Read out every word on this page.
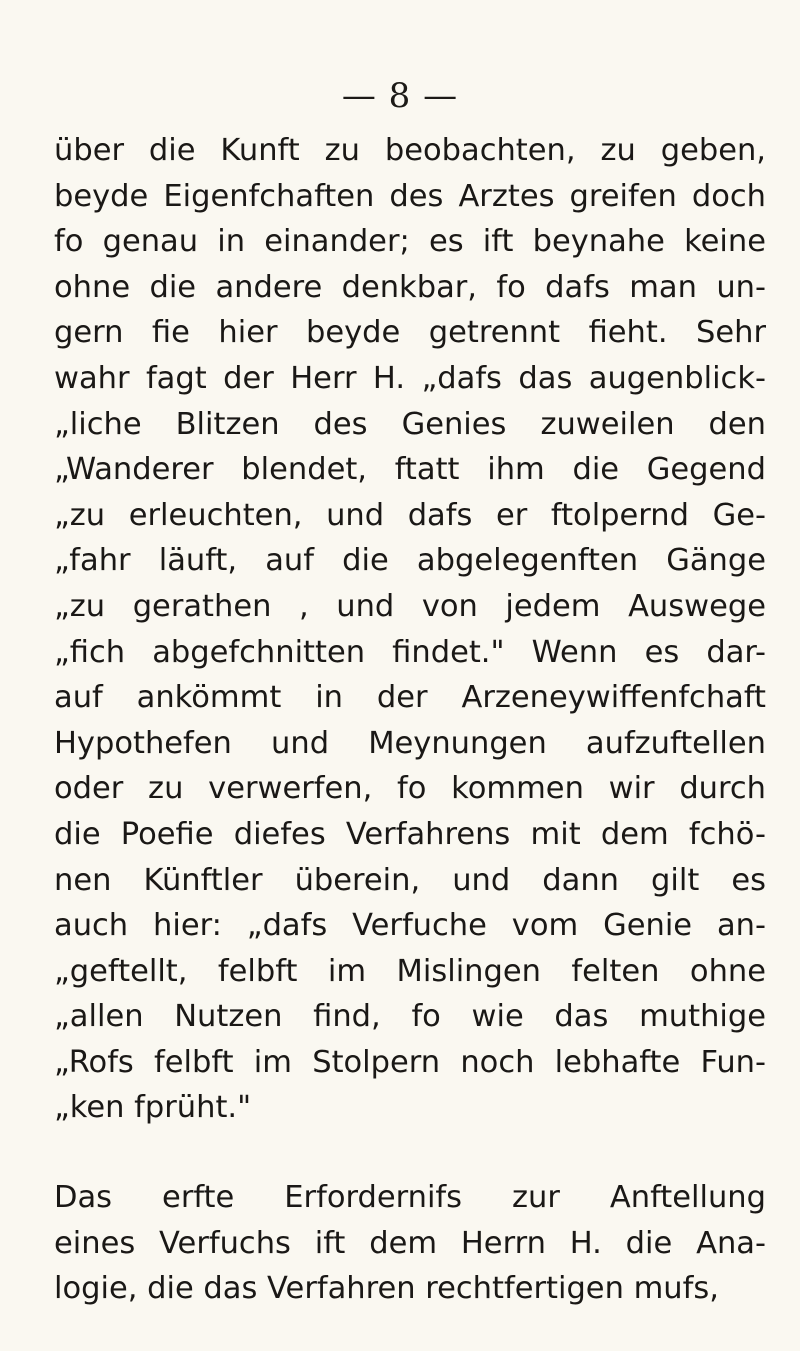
— 8 —
über die Kunft zu beobachten, zu geben,
beyde Eigenfchaften des Arztes greifen doch
fo genau in einander; es ift beynahe keine
ohne die andere denkbar, fo dafs man un-
gern fie hier beyde getrennt fieht. Sehr
wahr fagt der Herr H. „dafs das augenblick-
„liche Blitzen des Genies zuweilen den
„Wanderer blendet, ftatt ihm die Gegend
„zu erleuchten, und dafs er ftolpernd Ge-
„fahr läuft, auf die abgelegenften Gänge
„zu gerathen , und von jedem Auswege
„fich abgefchnitten findet." Wenn es dar-
auf ankömmt in der Arzeneywiffenfchaft
Hypothefen und Meynungen aufzuftellen
oder zu verwerfen, fo kommen wir durch
die Poefie diefes Verfahrens mit dem fchö-
nen Künftler überein, und dann gilt es
auch hier: „dafs Verfuche vom Genie an-
„geftellt, felbft im Mislingen felten ohne
„allen Nutzen find, fo wie das muthige
„Rofs felbft im Stolpern noch lebhafte Fun-
„ken fprüht."
Das erfte Erfordernifs zur Anftellung
eines Verfuchs ift dem Herrn H. die Ana-
logie, die das Verfahren rechtfertigen mufs,
